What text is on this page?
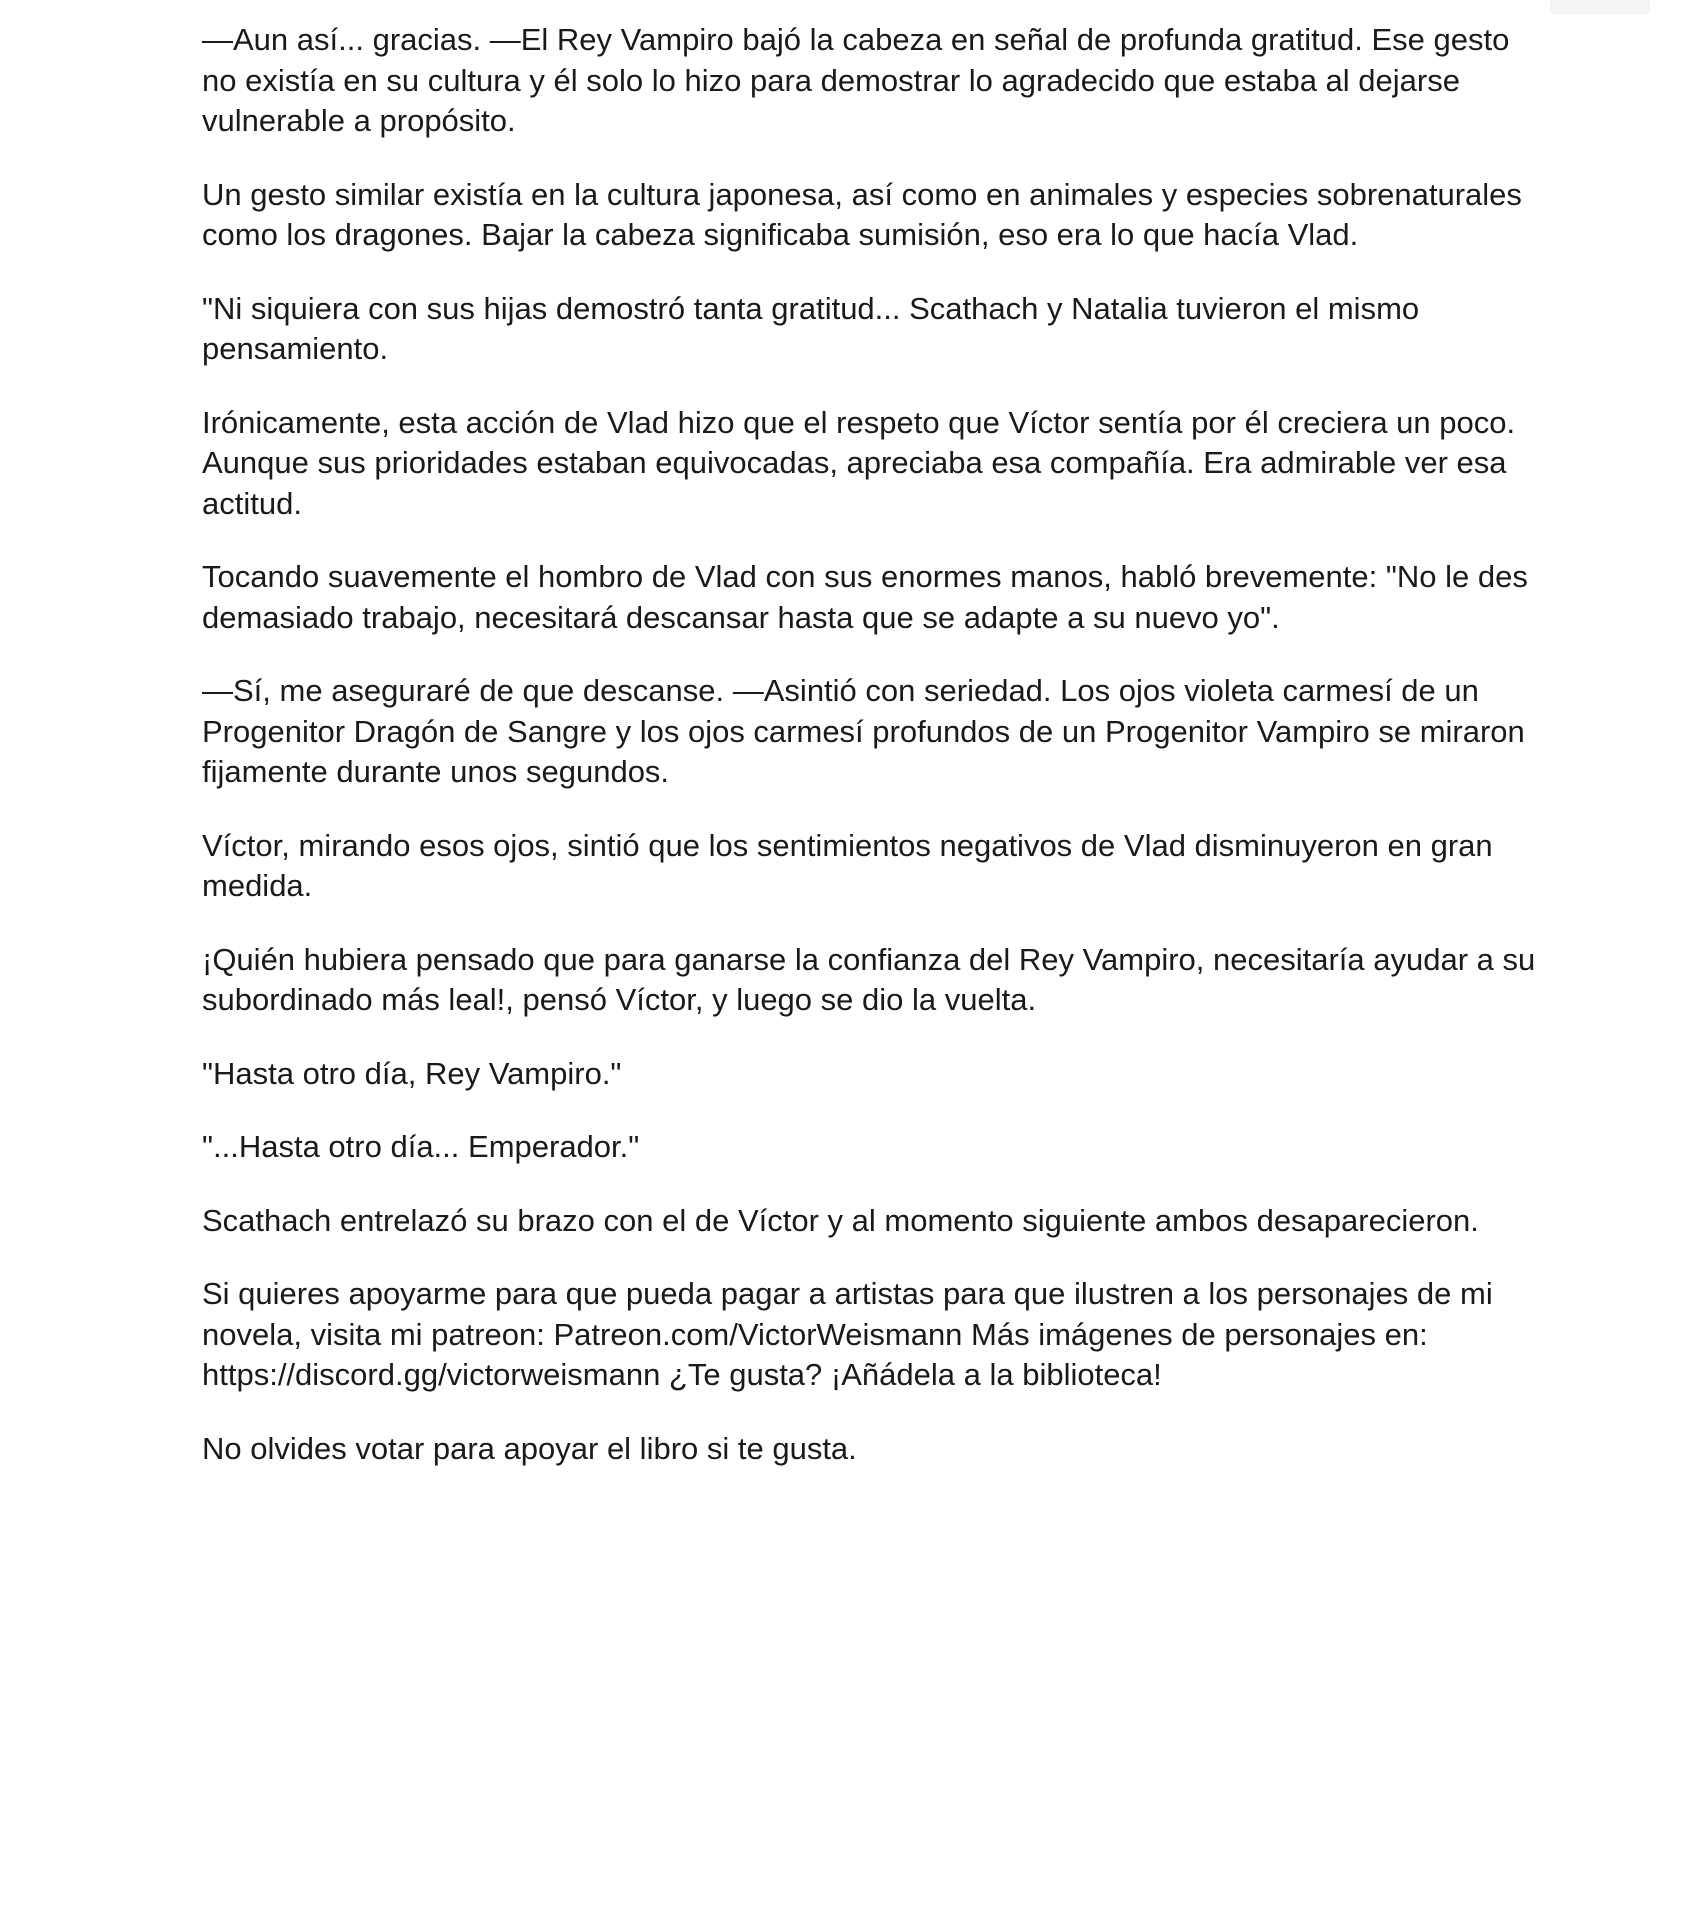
—Aun así... gracias. —El Rey Vampiro bajó la cabeza en señal de profunda gratitud. Ese gesto no existía en su cultura y él solo lo hizo para demostrar lo agradecido que estaba al dejarse vulnerable a propósito.

Un gesto similar existía en la cultura japonesa, así como en animales y especies sobrenaturales como los dragones. Bajar la cabeza significaba sumisión, eso era lo que hacía Vlad.

"Ni siquiera con sus hijas demostró tanta gratitud... Scathach y Natalia tuvieron el mismo pensamiento.

Irónicamente, esta acción de Vlad hizo que el respeto que Víctor sentía por él creciera un poco. Aunque sus prioridades estaban equivocadas, apreciaba esa compañía. Era admirable ver esa actitud.

Tocando suavemente el hombro de Vlad con sus enormes manos, habló brevemente: "No le des demasiado trabajo, necesitará descansar hasta que se adapte a su nuevo yo".

—Sí, me aseguraré de que descanse. —Asintió con seriedad. Los ojos violeta carmesí de un Progenitor Dragón de Sangre y los ojos carmesí profundos de un Progenitor Vampiro se miraron fijamente durante unos segundos.

Víctor, mirando esos ojos, sintió que los sentimientos negativos de Vlad disminuyeron en gran medida.

¡Quién hubiera pensado que para ganarse la confianza del Rey Vampiro, necesitaría ayudar a su subordinado más leal!, pensó Víctor, y luego se dio la vuelta.

"Hasta otro día, Rey Vampiro."

"...Hasta otro día... Emperador."

Scathach entrelazó su brazo con el de Víctor y al momento siguiente ambos desaparecieron.

Si quieres apoyarme para que pueda pagar a artistas para que ilustren a los personajes de mi novela, visita mi patreon: Patreon.com/VictorWeismann Más imágenes de personajes en: https://discord.gg/victorweismann ¿Te gusta? ¡Añádela a la biblioteca!

No olvides votar para apoyar el libro si te gusta.
